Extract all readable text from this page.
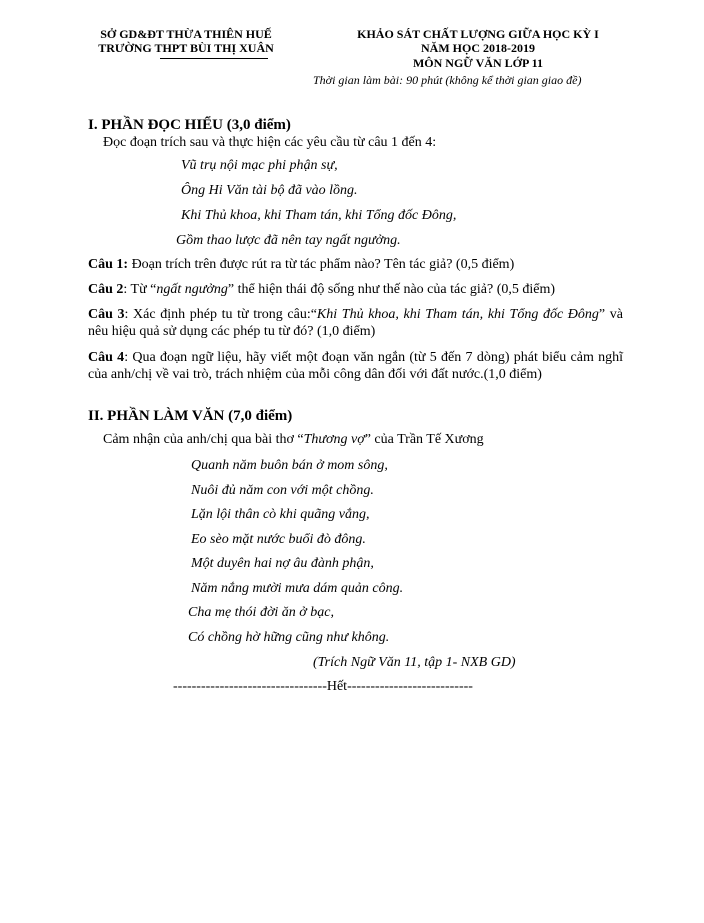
SỞ GD&ĐT THỪA THIÊN HUẾ
TRƯỜNG THPT BÙI THỊ XUÂN
KHẢO SÁT CHẤT LƯỢNG GIỮA HỌC KỲ I
NĂM HỌC 2018-2019
MÔN NGỮ VĂN LỚP 11
Thời gian làm bài: 90 phút (không kể thời gian giao đề)
I. PHẦN ĐỌC HIỂU (3,0 điểm)
Đọc đoạn trích sau và thực hiện các yêu cầu từ câu 1 đến 4:
Vũ trụ nội mạc phi phận sự,
Ông Hi Văn tài bộ đã vào lồng.
Khi Thủ khoa, khi Tham tán, khi Tổng đốc Đông,
Gồm thao lược đã nên tay ngất ngưởng.
Câu 1: Đoạn trích trên được rút ra từ tác phẩm nào? Tên tác giả? (0,5 điểm)
Câu 2: Từ “ngất ngưởng” thể hiện thái độ sống như thế nào của tác giả? (0,5 điểm)
Câu 3: Xác định phép tu từ trong câu:“Khi Thủ khoa, khi Tham tán, khi Tổng đốc Đông” và nêu hiệu quả sử dụng các phép tu từ đó? (1,0 điểm)
Câu 4: Qua đoạn ngữ liệu, hãy viết một đoạn văn ngắn (từ 5 đến 7 dòng) phát biểu cảm nghĩ của anh/chị về vai trò, trách nhiệm của mỗi công dân đối với đất nước.(1,0 điểm)
II. PHẦN LÀM VĂN (7,0 điểm)
Cảm nhận của anh/chị qua bài thơ “Thương vợ” của Trần Tế Xương
Quanh năm buôn bán ở mom sông,
Nuôi đủ năm con với một chồng.
Lặn lội thân cò khi quãng vắng,
Eo sèo mặt nước buổi đò đông.
Một duyên hai nợ âu đành phận,
Năm nắng mười mưa dám quản công.
Cha mẹ thói đời ăn ở bạc,
Có chồng hờ hững cũng như không.
(Trích Ngữ Văn 11, tập 1- NXB GD)
---------------------------------Hết---------------------------
